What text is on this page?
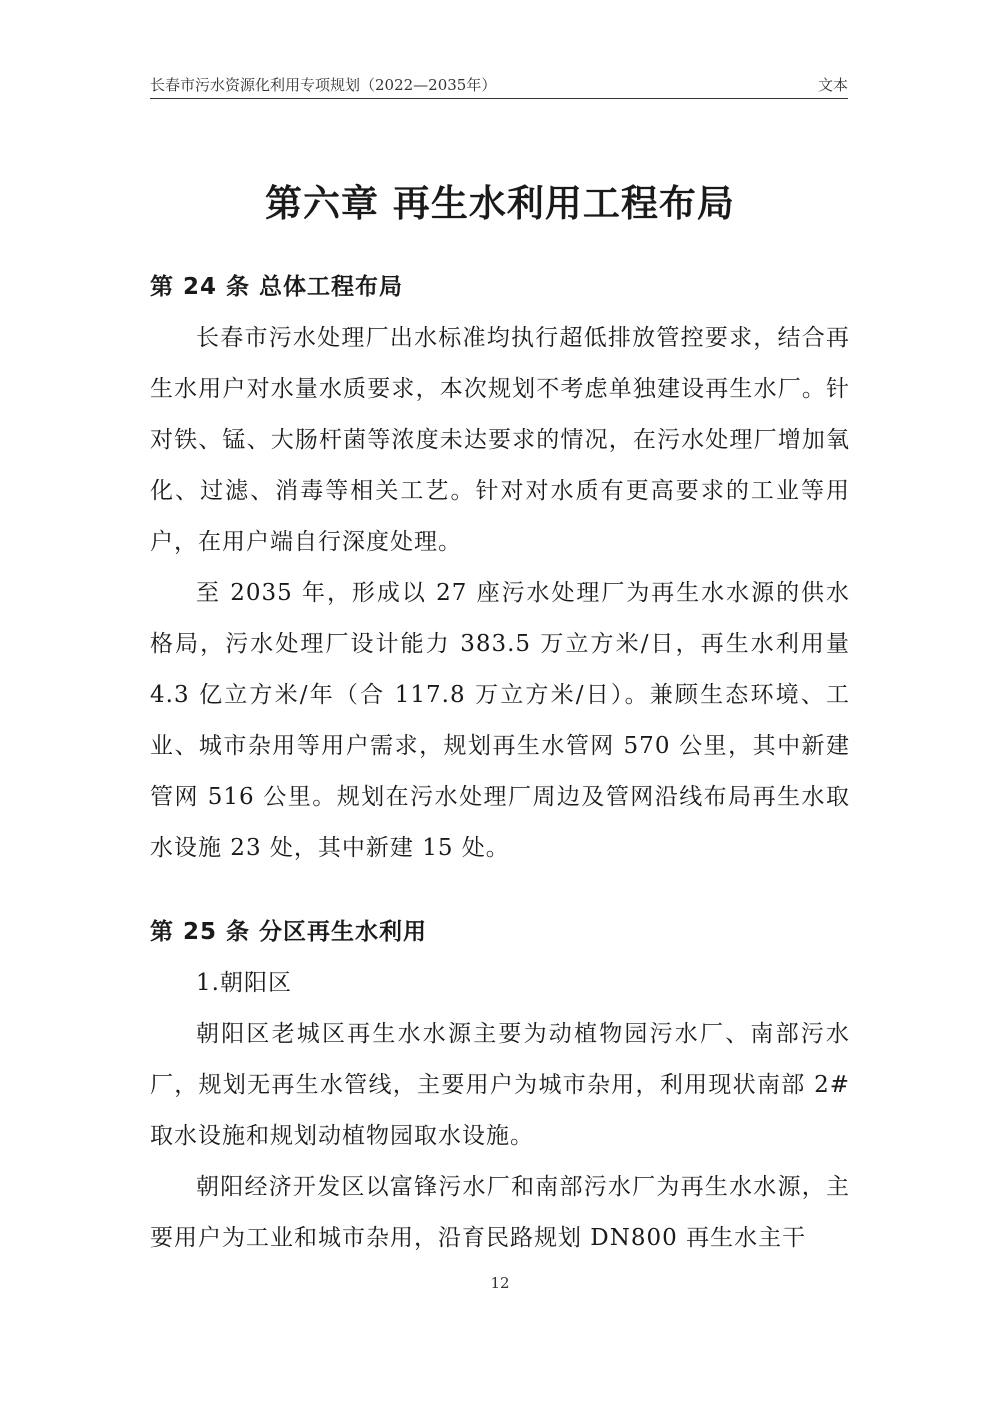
长春市污水资源化利用专项规划（2022—2035年）	文本
第六章 再生水利用工程布局
第 24 条 总体工程布局

长春市污水处理厂出水标准均执行超低排放管控要求，结合再生水用户对水量水质要求，本次规划不考虑单独建设再生水厂。针对铁、锰、大肠杆菌等浓度未达要求的情况，在污水处理厂增加氧化、过滤、消毒等相关工艺。针对对水质有更高要求的工业等用户，在用户端自行深度处理。

至 2035 年，形成以 27 座污水处理厂为再生水水源的供水格局，污水处理厂设计能力 383.5 万立方米/日，再生水利用量 4.3 亿立方米/年（合 117.8 万立方米/日）。兼顾生态环境、工业、城市杂用等用户需求，规划再生水管网 570 公里，其中新建管网 516 公里。规划在污水处理厂周边及管网沿线布局再生水取水设施 23 处，其中新建 15 处。

第 25 条 分区再生水利用

1.朝阳区

朝阳区老城区再生水水源主要为动植物园污水厂、南部污水厂，规划无再生水管线，主要用户为城市杂用，利用现状南部 2#取水设施和规划动植物园取水设施。

朝阳经济开发区以富锋污水厂和南部污水厂为再生水水源，主要用户为工业和城市杂用，沿育民路规划 DN800 再生水主干

12
